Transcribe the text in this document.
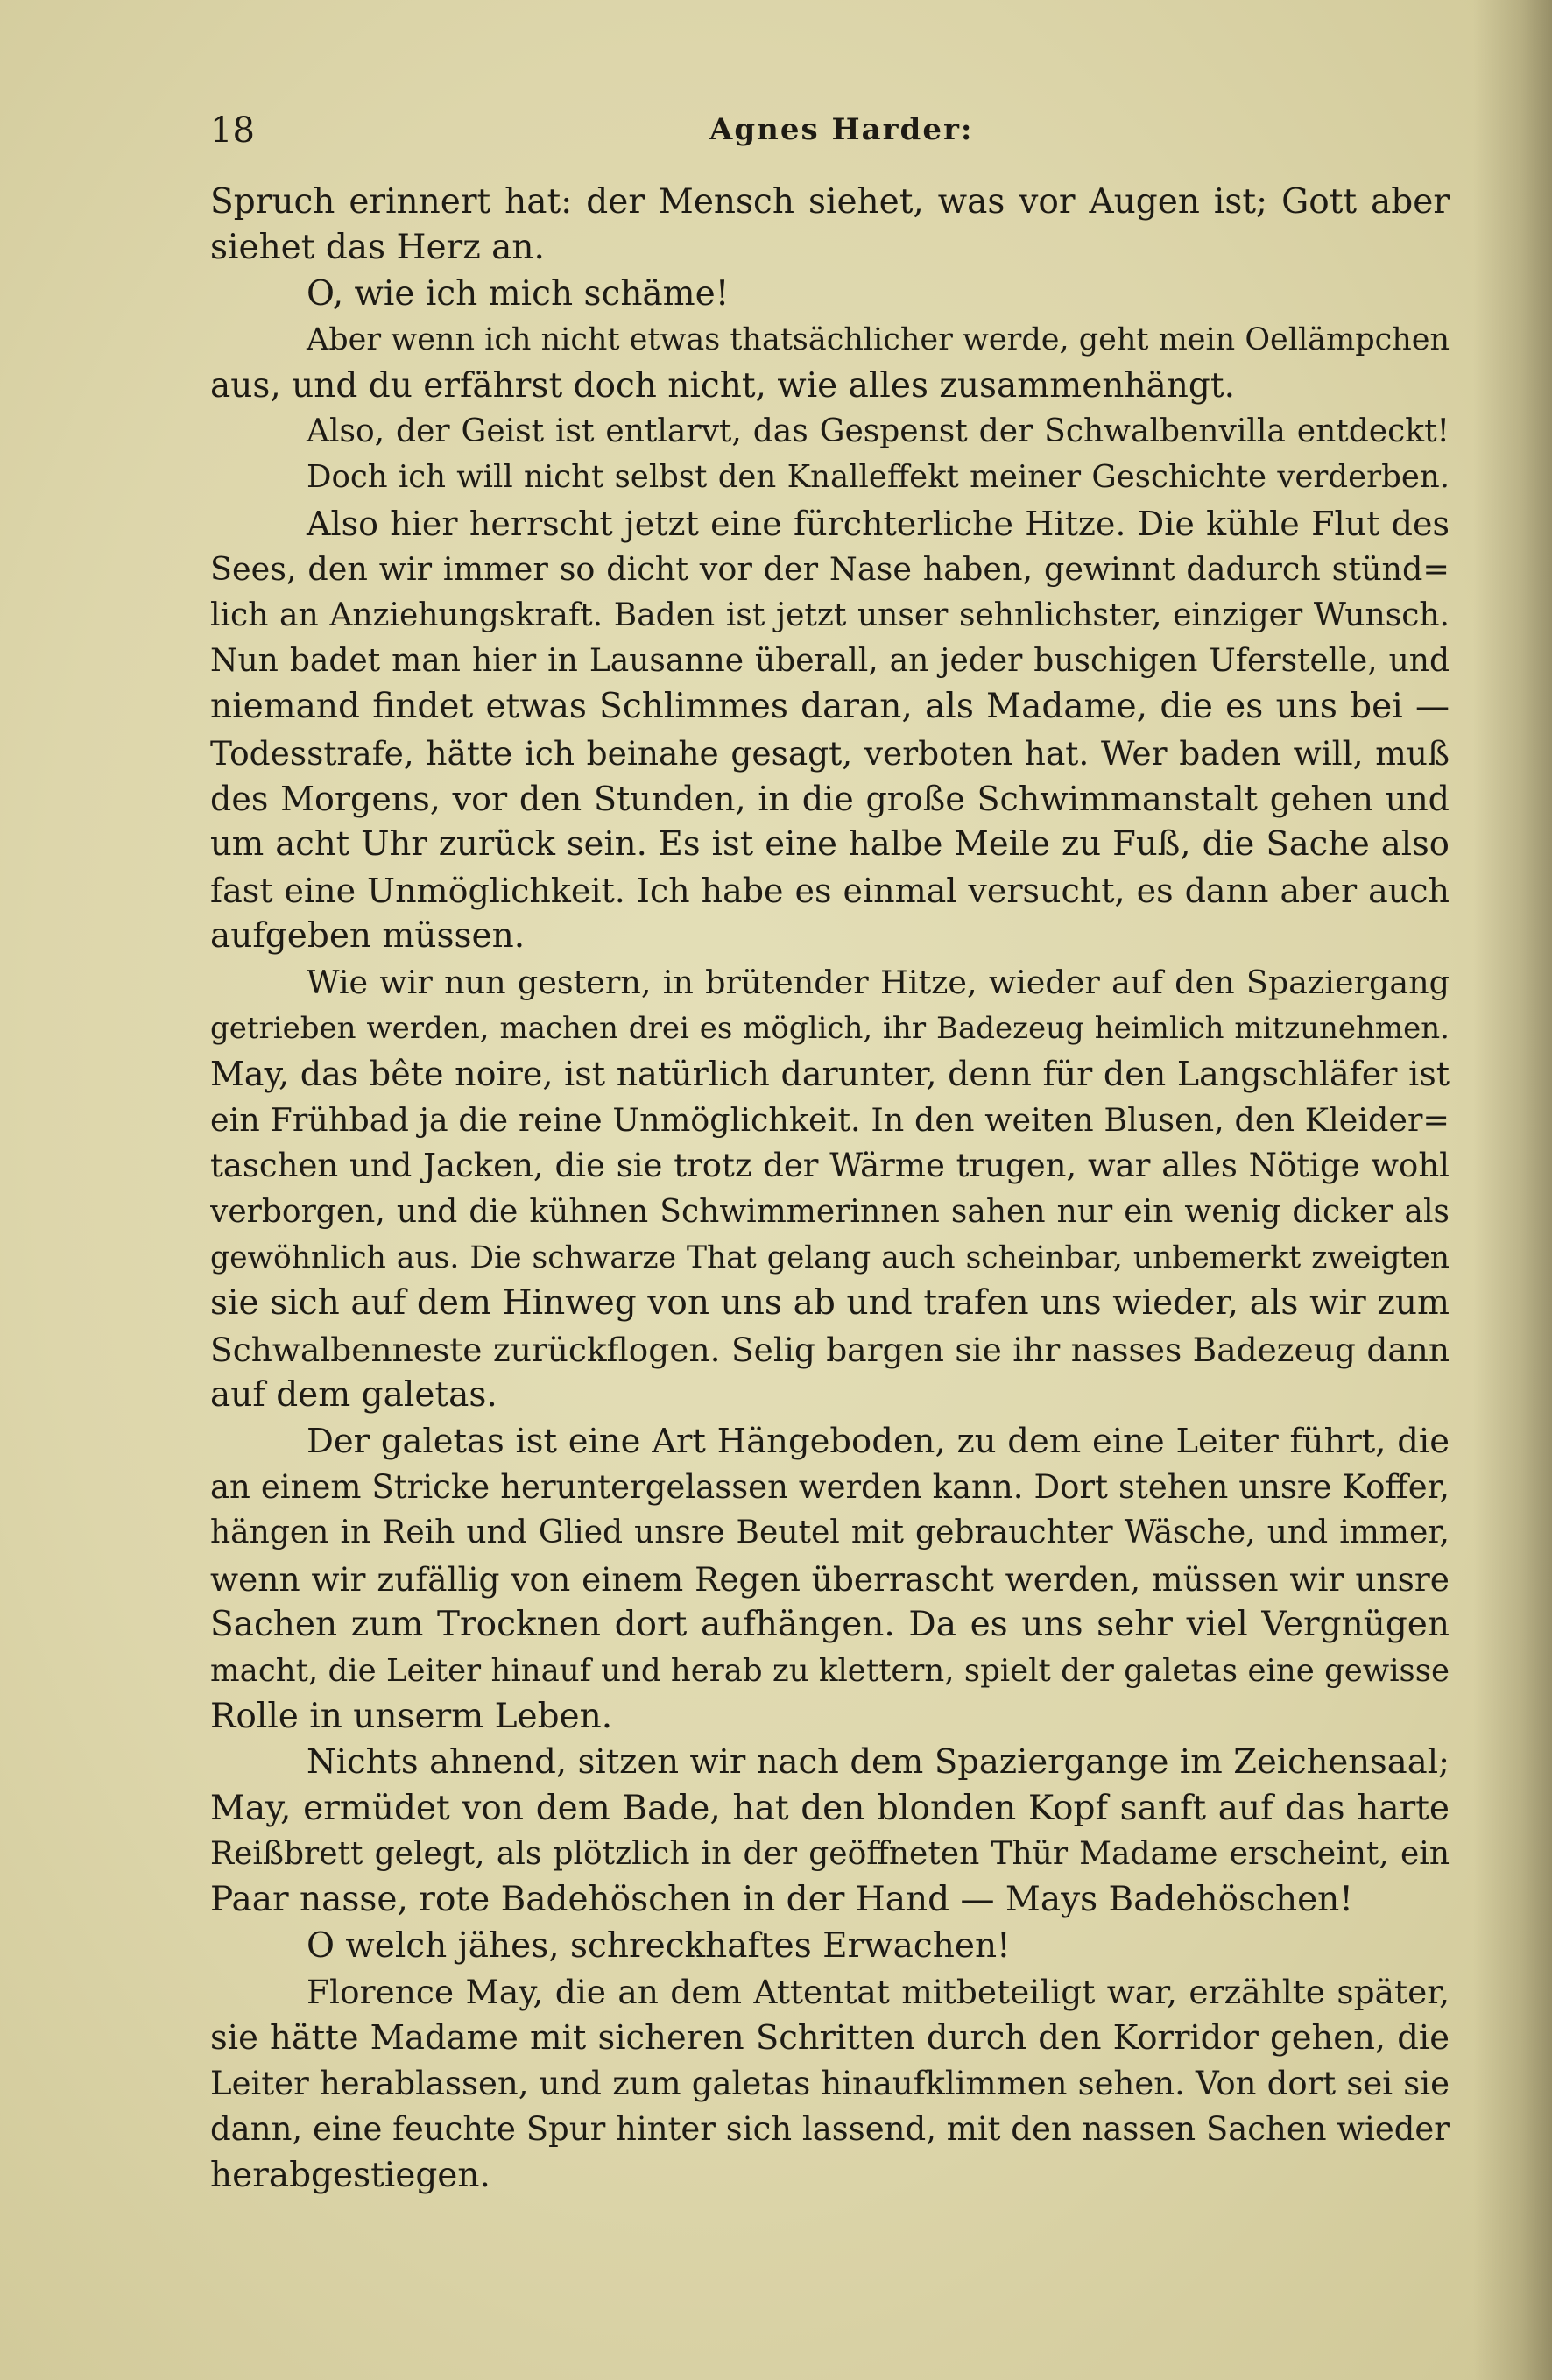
18	Agnes Harder:
Spruch erinnert hat: der Mensch siehet, was vor Augen ist; Gott aber
siehet das Herz an.
O, wie ich mich schäme!
Aber wenn ich nicht etwas thatsächlicher werde, geht mein Oellämpchen
aus, und du erfährst doch nicht, wie alles zusammenhängt.
Also, der Geist ist entlarvt, das Gespenst der Schwalbenvilla entdeckt!
Doch ich will nicht selbst den Knalleffekt meiner Geschichte verderben.
Also hier herrscht jetzt eine fürchterliche Hitze. Die kühle Flut des
Sees, den wir immer so dicht vor der Nase haben, gewinnt dadurch stünd=
lich an Anziehungskraft. Baden ist jetzt unser sehnlichster, einziger Wunsch.
Nun badet man hier in Lausanne überall, an jeder buschigen Uferstelle, und
niemand findet etwas Schlimmes daran, als Madame, die es uns bei —
Todesstrafe, hätte ich beinahe gesagt, verboten hat. Wer baden will, muß
des Morgens, vor den Stunden, in die große Schwimmanstalt gehen und
um acht Uhr zurück sein. Es ist eine halbe Meile zu Fuß, die Sache also
fast eine Unmöglichkeit. Ich habe es einmal versucht, es dann aber auch
aufgeben müssen.
Wie wir nun gestern, in brütender Hitze, wieder auf den Spaziergang
getrieben werden, machen drei es möglich, ihr Badezeug heimlich mitzunehmen.
May, das bête noire, ist natürlich darunter, denn für den Langschläfer ist
ein Frühbad ja die reine Unmöglichkeit. In den weiten Blusen, den Kleider=
taschen und Jacken, die sie trotz der Wärme trugen, war alles Nötige wohl
verborgen, und die kühnen Schwimmerinnen sahen nur ein wenig dicker als
gewöhnlich aus. Die schwarze That gelang auch scheinbar, unbemerkt zweigten
sie sich auf dem Hinweg von uns ab und trafen uns wieder, als wir zum
Schwalbenneste zurückflogen. Selig bargen sie ihr nasses Badezeug dann
auf dem galetas.
Der galetas ist eine Art Hängeboden, zu dem eine Leiter führt, die
an einem Stricke heruntergelassen werden kann. Dort stehen unsre Koffer,
hängen in Reih und Glied unsre Beutel mit gebrauchter Wäsche, und immer,
wenn wir zufällig von einem Regen überrascht werden, müssen wir unsre
Sachen zum Trocknen dort aufhängen. Da es uns sehr viel Vergnügen
macht, die Leiter hinauf und herab zu klettern, spielt der galetas eine gewisse
Rolle in unserm Leben.
Nichts ahnend, sitzen wir nach dem Spaziergange im Zeichensaal;
May, ermüdet von dem Bade, hat den blonden Kopf sanft auf das harte
Reißbrett gelegt, als plötzlich in der geöffneten Thür Madame erscheint, ein
Paar nasse, rote Badehöschen in der Hand — Mays Badehöschen!
O welch jähes, schreckhaftes Erwachen!
Florence May, die an dem Attentat mitbeteiligt war, erzählte später,
sie hätte Madame mit sicheren Schritten durch den Korridor gehen, die
Leiter herablassen, und zum galetas hinaufklimmen sehen. Von dort sei sie
dann, eine feuchte Spur hinter sich lassend, mit den nassen Sachen wieder
herabgestiegen.
